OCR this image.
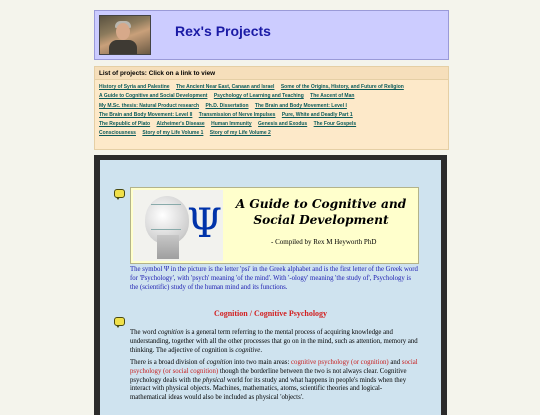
Rex's Projects
List of projects: Click on a link to view
History of Syria and Palestine The Ancient Near East, Canaan and Israel Some of the Origins, History, and Future of Religion
A Guide to Cognitive and Social Development Psychology of Learning and Teaching The Ascent of Man
My M.Sc. thesis: Natural Product research Ph.D. Dissertation The Brain and Body Movement: Level I
The Brain and Body Movement: Level II Transmission of Nerve Impulses Pure, White and Deadly Part 1
The Republic of Plato Alzheimer's Disease Human Immunity Genesis and Exodus The Four Gospels
Consciousness Story of my Life Volume 1 Story of my Life Volume 2
Ψ	A Guide to Cognitive and
Social Development
- Compiled by Rex M Heyworth PhD
The symbol Ψ in the picture is the letter 'psi' in the Greek alphabet and is the first letter of the Greek word for 'Psychology', with 'psych' meaning 'of the mind'. With '-ology' meaning 'the study of', Psychology is the (scientific) study of the human mind and its functions.
Cognition / Cognitive Psychology
The word cognition is a general term referring to the mental process of acquiring knowledge and understanding, together with all the other processes that go on in the mind, such as attention, memory and thinking. The adjective of cognition is cognitive.
There is a broad division of cognition into two main areas: cognitive psychology (or cognition) and social psychology (or social cognition) though the borderline between the two is not always clear. Cognitive psychology deals with the physical world for its study and what happens in people's minds when they interact with physical objects. Machines, mathematics, atoms, scientific theories and logical-mathematical ideas would also be included as physical 'objects'.
